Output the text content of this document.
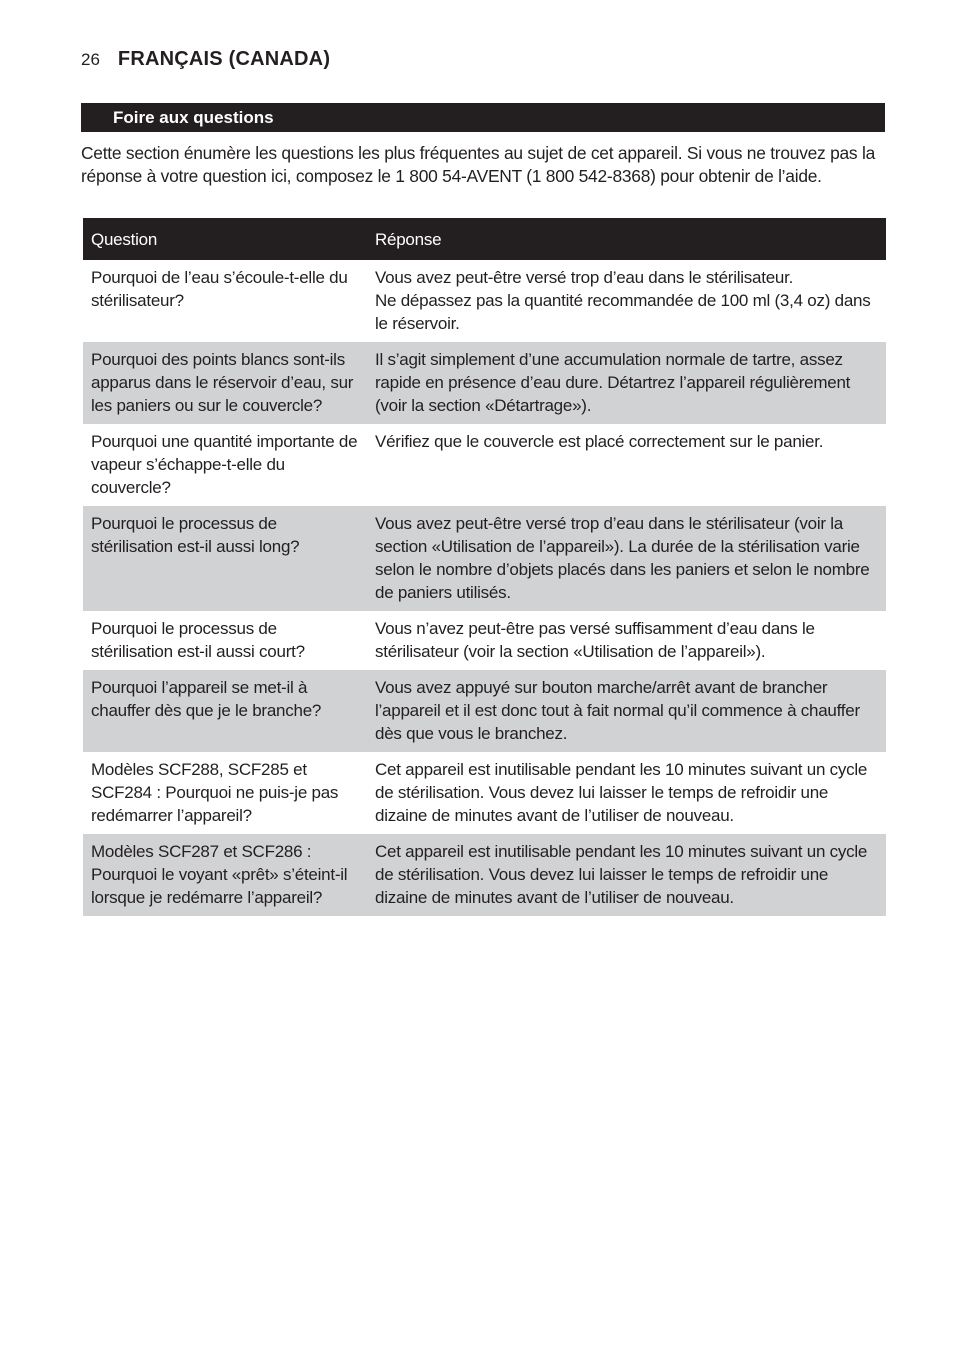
26 FRANÇAIS (CANADA)
Foire aux questions

Cette section énumère les questions les plus fréquentes au sujet de cet appareil. Si vous ne trouvez pas la réponse à votre question ici, composez le 1 800 54-AVENT (1 800 542-8368) pour obtenir de l’aide.

Question	Réponse
Pourquoi de l’eau s’écoule-t-elle du stérilisateur?	Vous avez peut-être versé trop d’eau dans le stérilisateur.
Ne dépassez pas la quantité recommandée de 100 ml (3,4 oz) dans le réservoir.

Pourquoi des points blancs sont-ils apparus dans le réservoir d’eau, sur les paniers ou sur le couvercle?	Il s’agit simplement d’une accumulation normale de tartre, assez rapide en présence d’eau dure. Détartrez l’appareil régulièrement (voir la section «Détartrage»).

Pourquoi une quantité importante de vapeur s’échappe-t-elle du couvercle?	Vérifiez que le couvercle est placé correctement sur le panier.

Pourquoi le processus de stérilisation est-il aussi long?	Vous avez peut-être versé trop d’eau dans le stérilisateur (voir la section «Utilisation de l’appareil»). La durée de la stérilisation varie selon le nombre d’objets placés dans les paniers et selon le nombre de paniers utilisés.

Pourquoi le processus de stérilisation est-il aussi court?	Vous n’avez peut-être pas versé suffisamment d’eau dans le stérilisateur (voir la section «Utilisation de l’appareil»).

Pourquoi l’appareil se met-il à chauffer dès que je le branche?	Vous avez appuyé sur bouton marche/arrêt avant de brancher l’appareil et il est donc tout à fait normal qu’il commence à chauffer dès que vous le branchez.

Modèles SCF288, SCF285 et SCF284 : Pourquoi ne puis-je pas redémarrer l’appareil?	Cet appareil est inutilisable pendant les 10 minutes suivant un cycle de stérilisation. Vous devez lui laisser le temps de refroidir une dizaine de minutes avant de l’utiliser de nouveau.

Modèles SCF287 et SCF286 : Pourquoi le voyant «prêt» s’éteint-il lorsque je redémarre l’appareil?	Cet appareil est inutilisable pendant les 10 minutes suivant un cycle de stérilisation. Vous devez lui laisser le temps de refroidir une dizaine de minutes avant de l’utiliser de nouveau.
